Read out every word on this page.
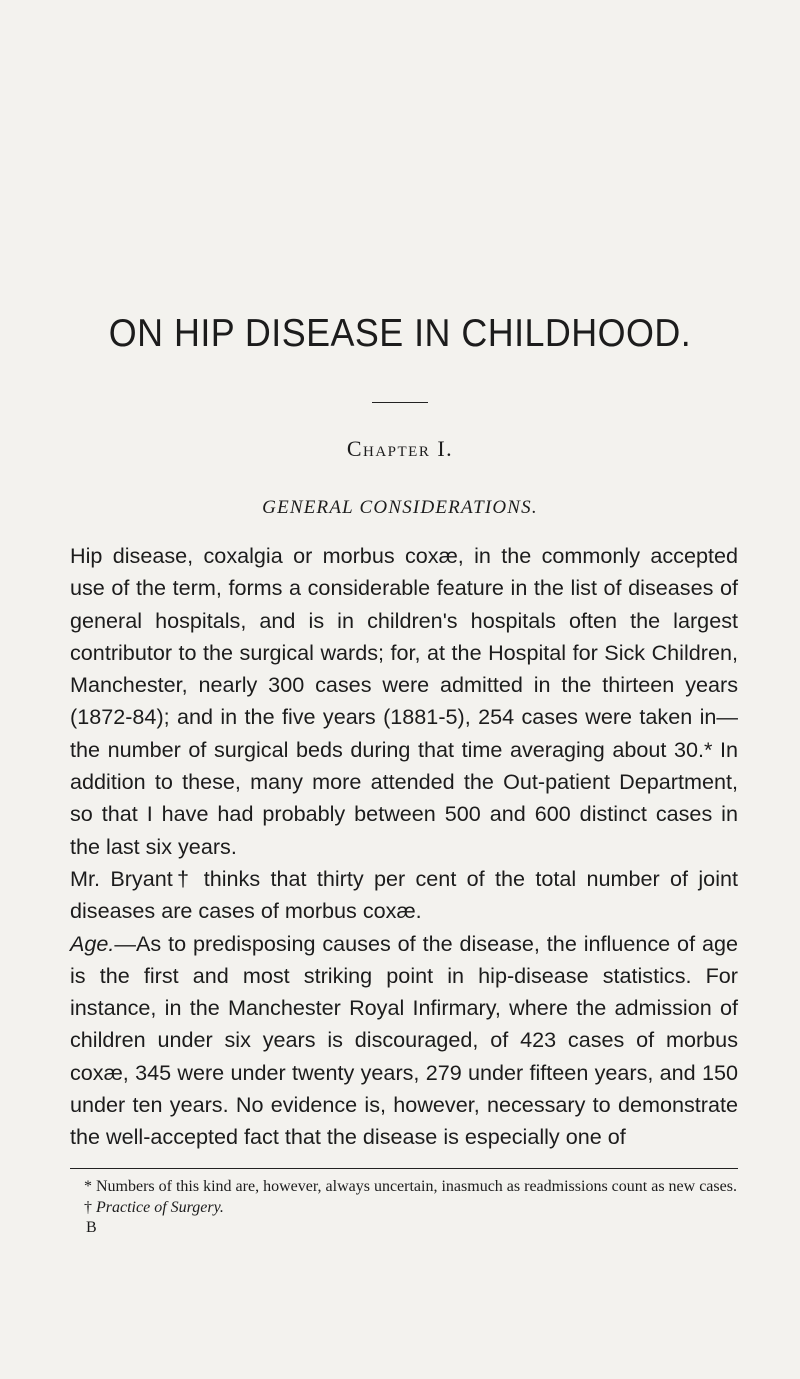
ON HIP DISEASE IN CHILDHOOD.
Chapter I.
GENERAL CONSIDERATIONS.

Hip disease, coxalgia or morbus coxæ, in the commonly accepted use of the term, forms a considerable feature in the list of diseases of general hospitals, and is in children's hospitals often the largest contributor to the surgical wards; for, at the Hospital for Sick Children, Manchester, nearly 300 cases were admitted in the thirteen years (1872-84); and in the five years (1881-5), 254 cases were taken in— the number of surgical beds during that time averaging about 30.* In addition to these, many more attended the Out-patient Department, so that I have had probably between 500 and 600 distinct cases in the last six years.

Mr. Bryant† thinks that thirty per cent of the total number of joint diseases are cases of morbus coxæ.

Age.—As to predisposing causes of the disease, the influence of age is the first and most striking point in hip-disease statistics. For instance, in the Manchester Royal Infirmary, where the admission of children under six years is discouraged, of 423 cases of morbus coxæ, 345 were under twenty years, 279 under fifteen years, and 150 under ten years. No evidence is, however, necessary to demonstrate the well-accepted fact that the disease is especially one of

* Numbers of this kind are, however, always uncertain, inasmuch as readmissions count as new cases.

† Practice of Surgery.

B
